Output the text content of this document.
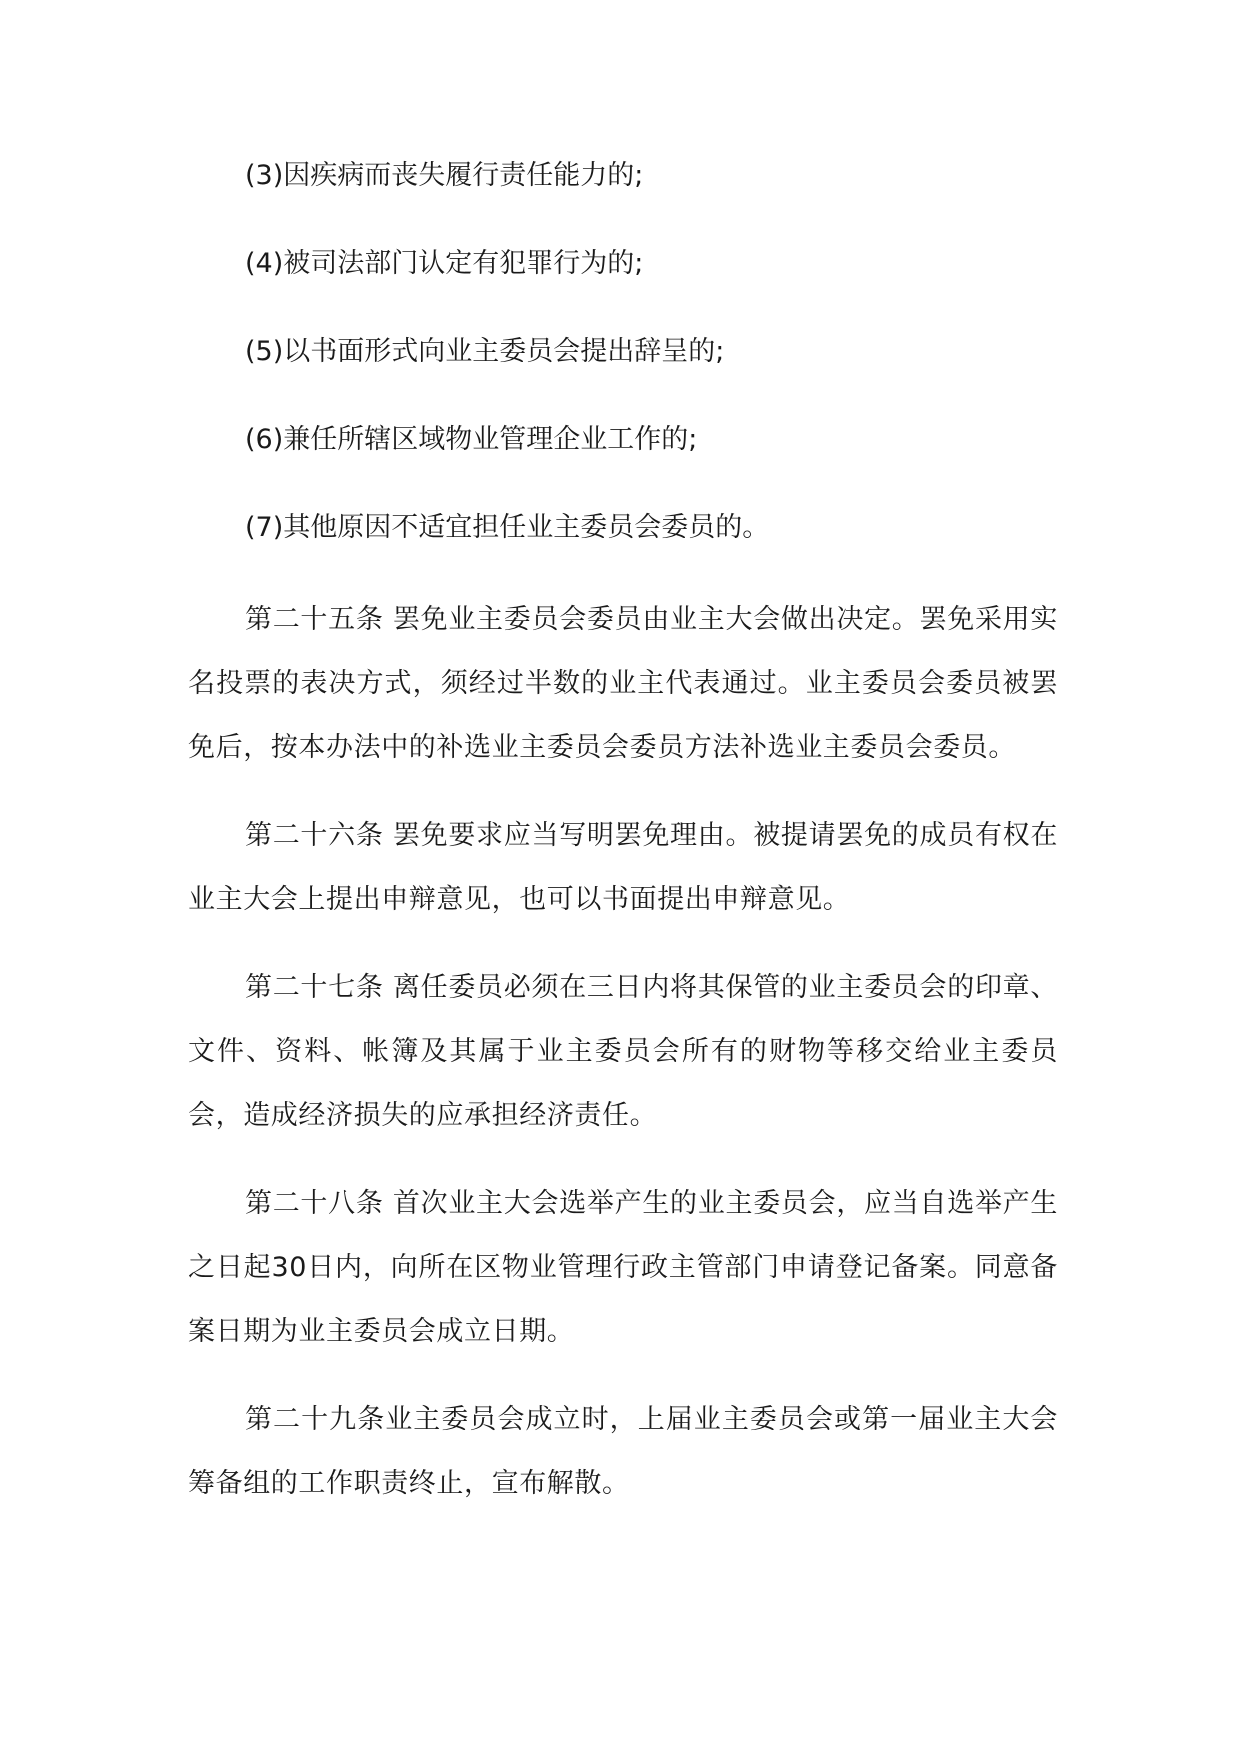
(3)因疾病而丧失履行责任能力的;

(4)被司法部门认定有犯罪行为的;

(5)以书面形式向业主委员会提出辞呈的;

(6)兼任所辖区域物业管理企业工作的;

(7)其他原因不适宜担任业主委员会委员的。

第二十五条 罢免业主委员会委员由业主大会做出决定。罢免采用实名投票的表决方式，须经过半数的业主代表通过。业主委员会委员被罢免后，按本办法中的补选业主委员会委员方法补选业主委员会委员。

第二十六条 罢免要求应当写明罢免理由。被提请罢免的成员有权在业主大会上提出申辩意见，也可以书面提出申辩意见。

第二十七条 离任委员必须在三日内将其保管的业主委员会的印章、文件、资料、帐簿及其属于业主委员会所有的财物等移交给业主委员会，造成经济损失的应承担经济责任。

第二十八条 首次业主大会选举产生的业主委员会，应当自选举产生之日起30日内，向所在区物业管理行政主管部门申请登记备案。同意备案日期为业主委员会成立日期。

第二十九条业主委员会成立时，上届业主委员会或第一届业主大会筹备组的工作职责终止，宣布解散。
